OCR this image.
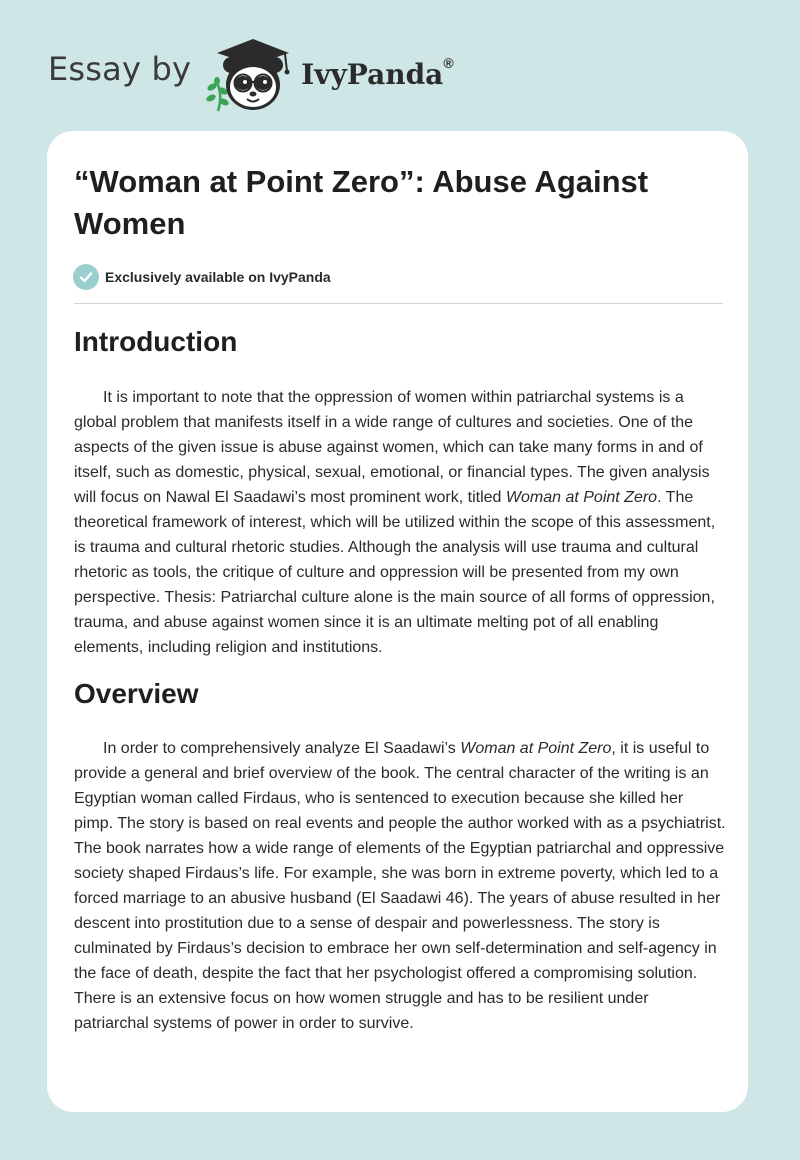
Essay by	IvyPanda®
“Woman at Point Zero”: Abuse Against Women
Exclusively available on IvyPanda
Introduction

It is important to note that the oppression of women within patriarchal systems is a global problem that manifests itself in a wide range of cultures and societies. One of the aspects of the given issue is abuse against women, which can take many forms in and of itself, such as domestic, physical, sexual, emotional, or financial types. The given analysis will focus on Nawal El Saadawi’s most prominent work, titled Woman at Point Zero. The theoretical framework of interest, which will be utilized within the scope of this assessment, is trauma and cultural rhetoric studies. Although the analysis will use trauma and cultural rhetoric as tools, the critique of culture and oppression will be presented from my own perspective. Thesis: Patriarchal culture alone is the main source of all forms of oppression, trauma, and abuse against women since it is an ultimate melting pot of all enabling elements, including religion and institutions.

Overview

In order to comprehensively analyze El Saadawi’s Woman at Point Zero, it is useful to provide a general and brief overview of the book. The central character of the writing is an Egyptian woman called Firdaus, who is sentenced to execution because she killed her pimp. The story is based on real events and people the author worked with as a psychiatrist. The book narrates how a wide range of elements of the Egyptian patriarchal and oppressive society shaped Firdaus’s life. For example, she was born in extreme poverty, which led to a forced marriage to an abusive husband (El Saadawi 46). The years of abuse resulted in her descent into prostitution due to a sense of despair and powerlessness. The story is culminated by Firdaus’s decision to embrace her own self-determination and self-agency in the face of death, despite the fact that her psychologist offered a compromising solution. There is an extensive focus on how women struggle and has to be resilient under patriarchal systems of power in order to survive.
